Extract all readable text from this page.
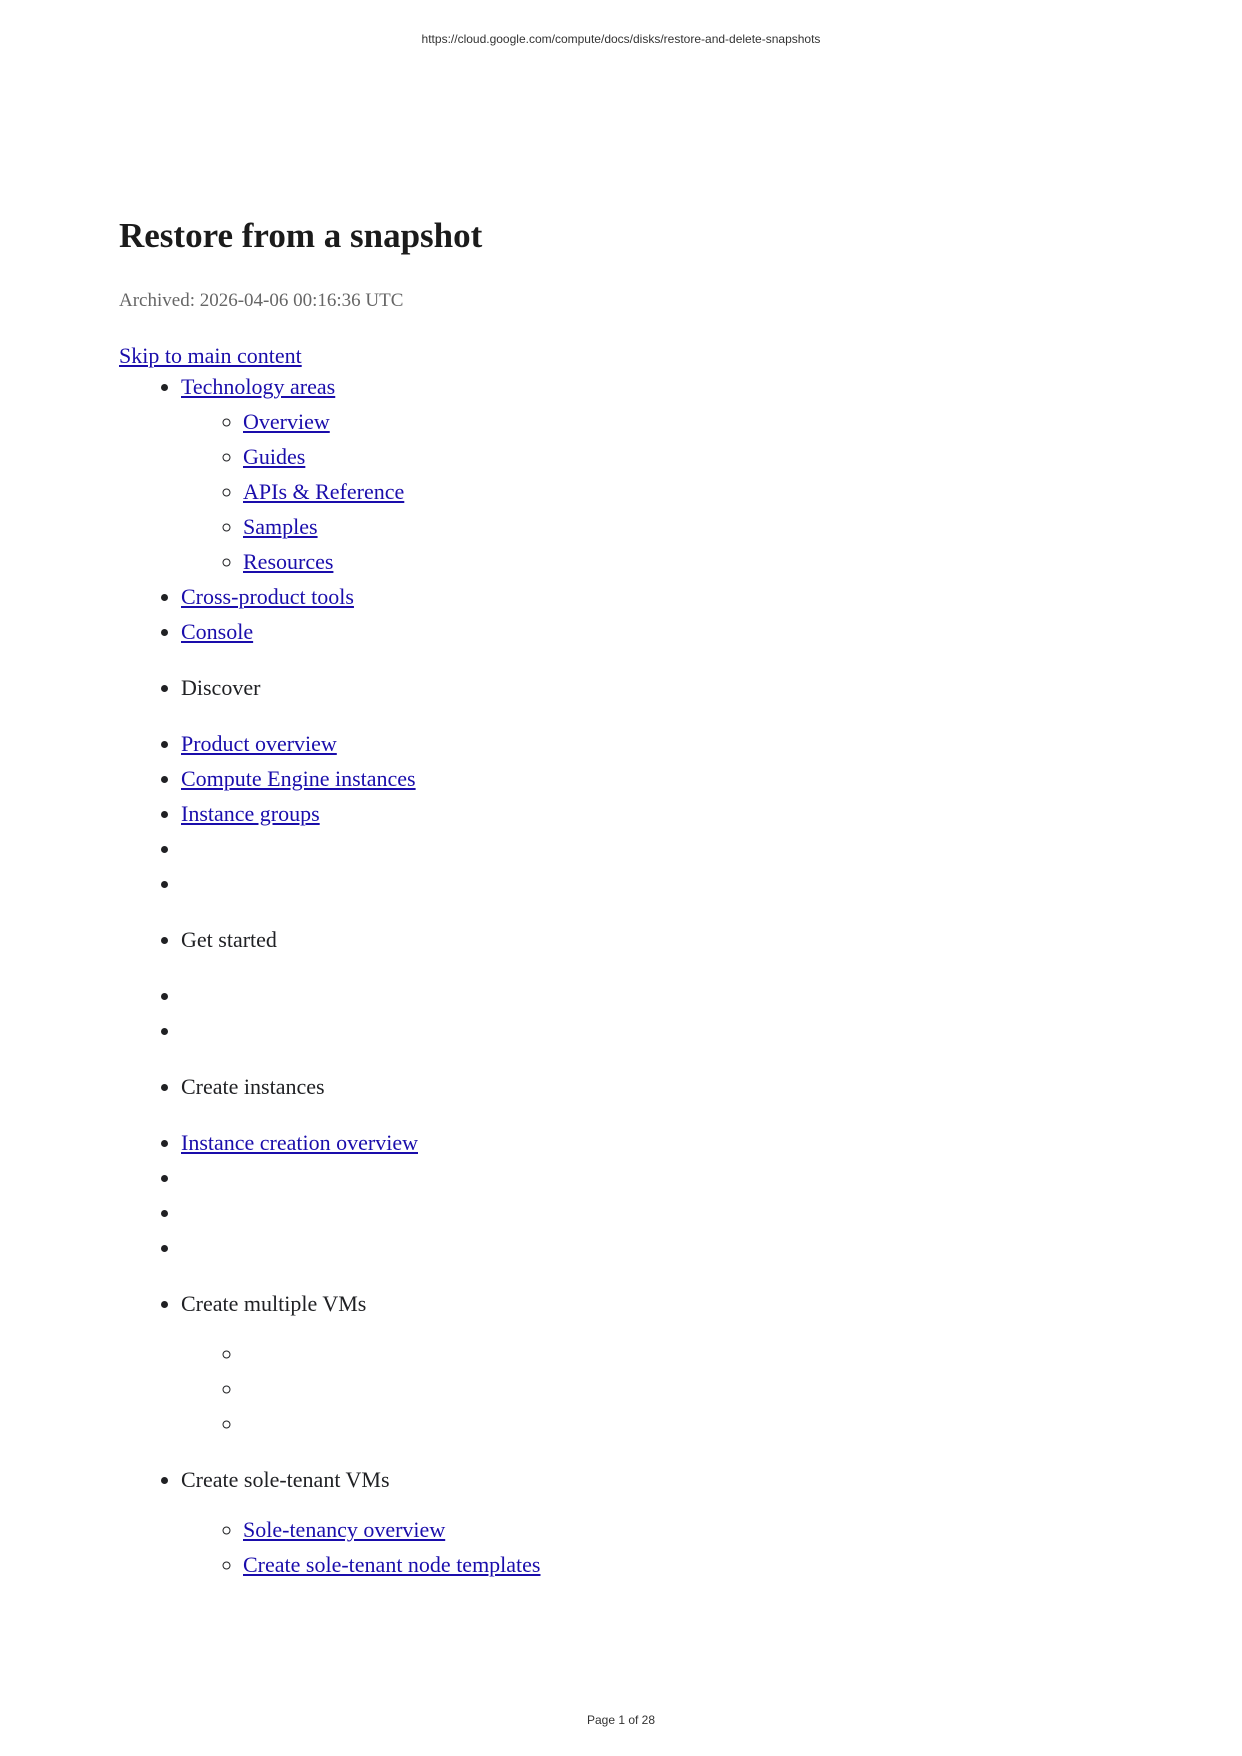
https://cloud.google.com/compute/docs/disks/restore-and-delete-snapshots
Restore from a snapshot
Archived: 2026-04-06 00:16:36 UTC
Skip to main content
• Technology areas
◦ Overview
◦ Guides
◦ APIs & Reference
◦ Samples
◦ Resources
• Cross-product tools
• Console
• Discover
• Product overview
• Compute Engine instances
• Instance groups
•
•
• Get started
•
•
• Create instances
• Instance creation overview
•
•
•
• Create multiple VMs
◦
◦
◦
• Create sole-tenant VMs
◦ Sole-tenancy overview
◦ Create sole-tenant node templates
Page 1 of 28
